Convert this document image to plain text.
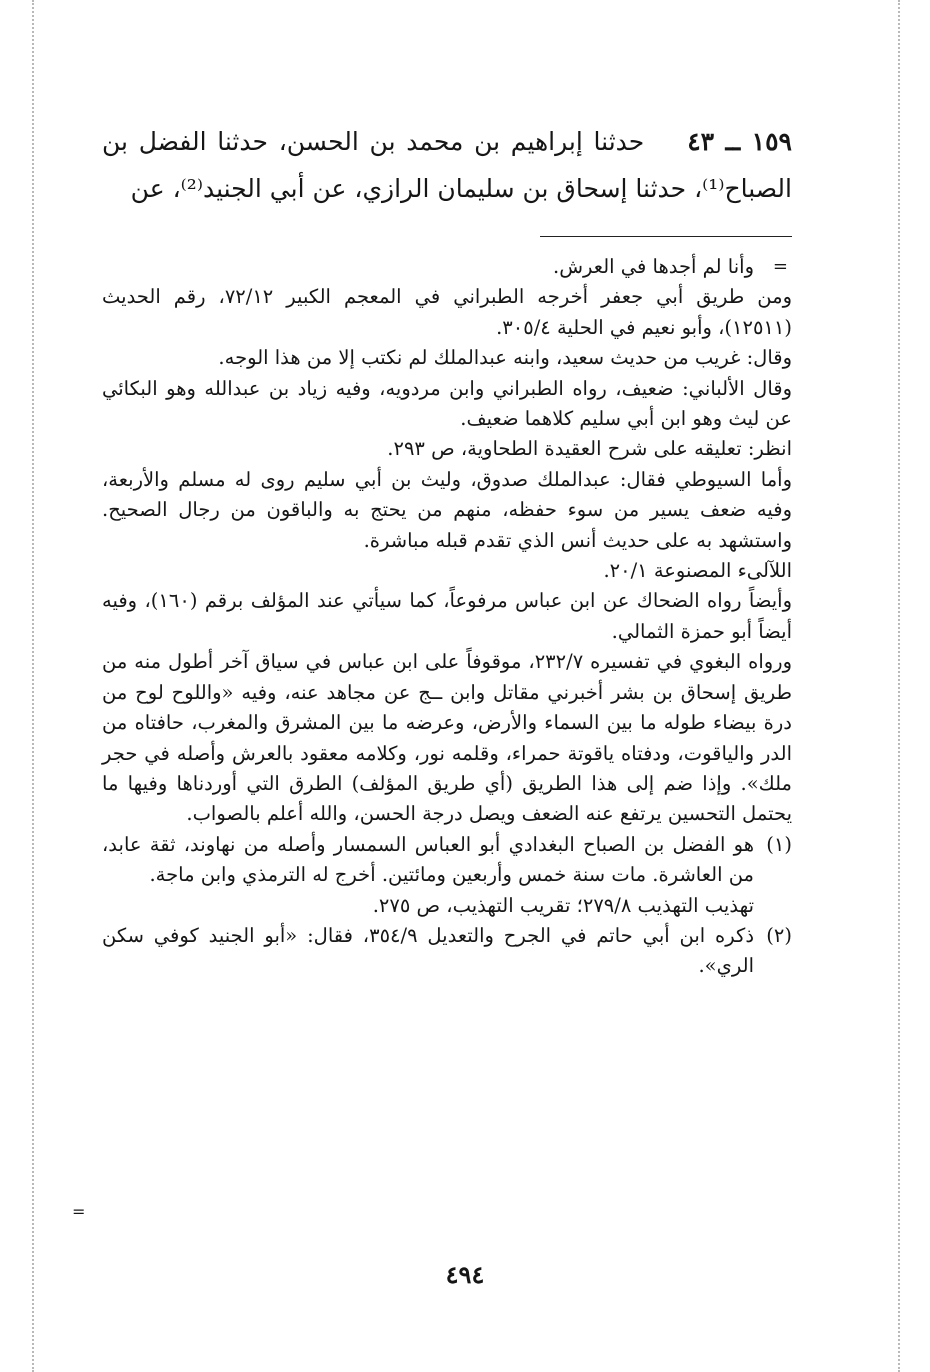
١٥٩ ــ ٤٣    حدثنا إبراهيم بن محمد بن الحسن، حدثنا الفضل بن الصباح⁽¹⁾، حدثنا إسحاق بن سليمان الرازي، عن أبي الجنيد⁽²⁾، عن

=
وأنا لم أجدها في العرش.

ومن طريق أبي جعفر أخرجه الطبراني في المعجم الكبير ٧٢/١٢، رقم الحديث (١٢٥١١)، وأبو نعيم في الحلية ٣٠٥/٤.

وقال: غريب من حديث سعيد، وابنه عبدالملك لم نكتب إلا من هذا الوجه.

وقال الألباني: ضعيف، رواه الطبراني وابن مردويه، وفيه زياد بن عبدالله وهو البكائي عن ليث وهو ابن أبي سليم كلاهما ضعيف.

انظر: تعليقه على شرح العقيدة الطحاوية، ص ٢٩٣.

وأما السيوطي فقال: عبدالملك صدوق، وليث بن أبي سليم روى له مسلم والأربعة، وفيه ضعف يسير من سوء حفظه، منهم من يحتج به والباقون من رجال الصحيح. واستشهد به على حديث أنس الذي تقدم قبله مباشرة.

اللآلىء المصنوعة ٢٠/١.

وأيضاً رواه الضحاك عن ابن عباس مرفوعاً، كما سيأتي عند المؤلف برقم (١٦٠)، وفيه أيضاً أبو حمزة الثمالي.

ورواه البغوي في تفسيره ٢٣٢/٧، موقوفاً على ابن عباس في سياق آخر أطول منه من طريق إسحاق بن بشر أخبرني مقاتل وابن ــج عن مجاهد عنه، وفيه «واللوح لوح من درة بيضاء طوله ما بين السماء والأرض، وعرضه ما بين المشرق والمغرب، حافتاه من الدر والياقوت، ودفتاه ياقوتة حمراء، وقلمه نور، وكلامه معقود بالعرش وأصله في حجر ملك». وإذا ضم إلى هذا الطريق (أي طريق المؤلف) الطرق التي أوردناها وفيها ما يحتمل التحسين يرتفع عنه الضعف ويصل درجة الحسن، والله أعلم بالصواب.

(١)

هو الفضل بن الصباح البغدادي أبو العباس السمسار وأصله من نهاوند، ثقة عابد، من العاشرة. مات سنة خمس وأربعين ومائتين. أخرج له الترمذي وابن ماجة.

تهذيب التهذيب ٢٧٩/٨؛ تقريب التهذيب، ص ٢٧٥.

(٢)

ذكره ابن أبي حاتم في الجرح والتعديل ٣٥٤/٩، فقال: «أبو الجنيد كوفي سكن الري».

=
٤٩٤
